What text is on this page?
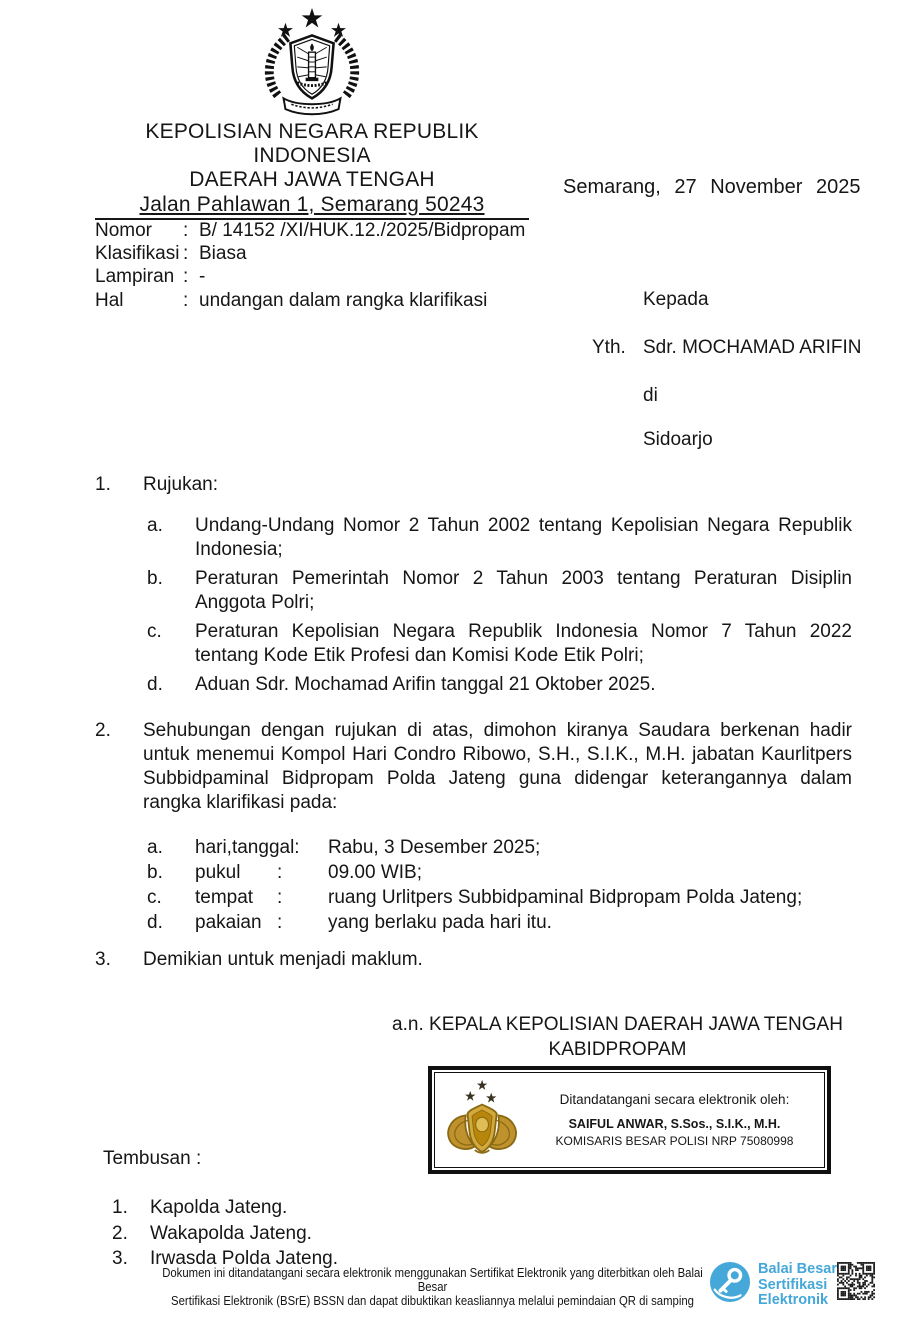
KEPOLISIAN NEGARA REPUBLIK INDONESIA
DAERAH JAWA TENGAH
Jalan Pahlawan 1, Semarang 50243
Semarang, 27 November 2025
Nomor	: B/ 14152 /XI/HUK.12./2025/Bidpropam
Klasifikasi : Biasa
Lampiran : -
Hal	: undangan dalam rangka klarifikasi	Kepada
Yth. Sdr. MOCHAMAD ARIFIN
di
Sidoarjo
1.	Rujukan:
a.	Undang-Undang Nomor 2 Tahun 2002 tentang Kepolisian Negara Republik Indonesia;
b.	Peraturan Pemerintah Nomor 2 Tahun 2003 tentang Peraturan Disiplin Anggota Polri;
c.	Peraturan Kepolisian Negara Republik Indonesia Nomor 7 Tahun 2022 tentang Kode Etik Profesi dan Komisi Kode Etik Polri;
d.	Aduan Sdr. Mochamad Arifin tanggal 21 Oktober 2025.
2.	Sehubungan dengan rujukan di atas, dimohon kiranya Saudara berkenan hadir untuk menemui Kompol Hari Condro Ribowo, S.H., S.I.K., M.H. jabatan Kaurlitpers Subbidpaminal Bidpropam Polda Jateng guna didengar keterangannya dalam rangka klarifikasi pada:
a.	hari,tanggal: Rabu, 3 Desember 2025;
b.	pukul	:	09.00 WIB;
c.	tempat	:	ruang Urlitpers Subbidpaminal Bidpropam Polda Jateng;
d.	pakaian :	yang berlaku pada hari itu.
3.	Demikian untuk menjadi maklum.
a.n. KEPALA KEPOLISIAN DAERAH JAWA TENGAH
KABIDPROPAM
Ditandatangani secara elektronik oleh:
SAIFUL ANWAR, S.Sos., S.I.K., M.H.
KOMISARIS BESAR POLISI NRP 75080998
Tembusan :
1.	Kapolda Jateng.
2.	Wakapolda Jateng.
3.	Irwasda Polda Jateng.
Dokumen ini ditandatangani secara elektronik menggunakan Sertifikat Elektronik yang diterbitkan oleh Balai Besar
Sertifikasi Elektronik (BSrE) BSSN dan dapat dibuktikan keasliannya melalui pemindaian QR di samping
Balai Besar
Sertifikasi
Elektronik
